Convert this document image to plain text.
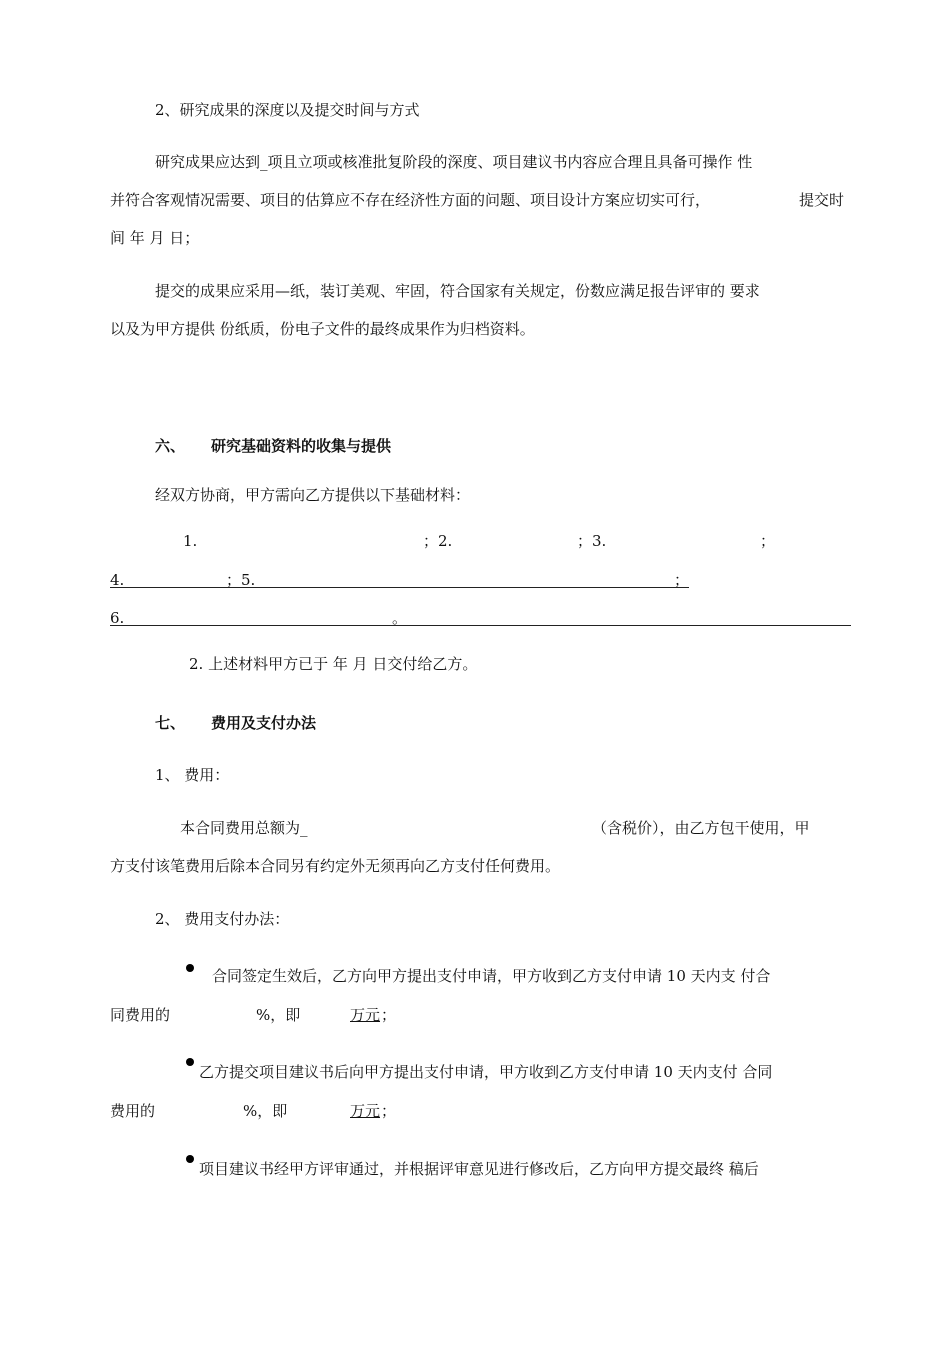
2、研究成果的深度以及提交时间与方式
研究成果应达到_项且立项或核准批复阶段的深度、项目建议书内容应合理且具备可操作 性
并符合客观情况需要、项目的估算应不存在经济性方面的问题、项目设计方案应切实可行，	提交时
间 年 月 日；
提交的成果应采用—纸，装订美观、牢固，符合国家有关规定，份数应满足报告评审的 要求
以及为甲方提供 份纸质，份电子文件的最终成果作为归档资料。
六、 研究基础资料的收集与提供
经双方协商，甲方需向乙方提供以下基础材料：
1.	；2.	；3.	；
4.	；5.	；
6.	。
2. 上述材料甲方已于 年 月 日交付给乙方。
七、 费用及支付办法
1、 费用：
本合同费用总额为_	（含税价），由乙方包干使用，甲
方支付该笔费用后除本合同另有约定外无须再向乙方支付任何费用。
2、 费用支付办法：
合同签定生效后，乙方向甲方提出支付申请，甲方收到乙方支付申请 10 天内支 付合
同费用的	%，即	万元 ；
乙方提交项目建议书后向甲方提出支付申请，甲方收到乙方支付申请 10 天内支付 合同
费用的	%，即	万元 ；
项目建议书经甲方评审通过，并根据评审意见进行修改后，乙方向甲方提交最终 稿后
